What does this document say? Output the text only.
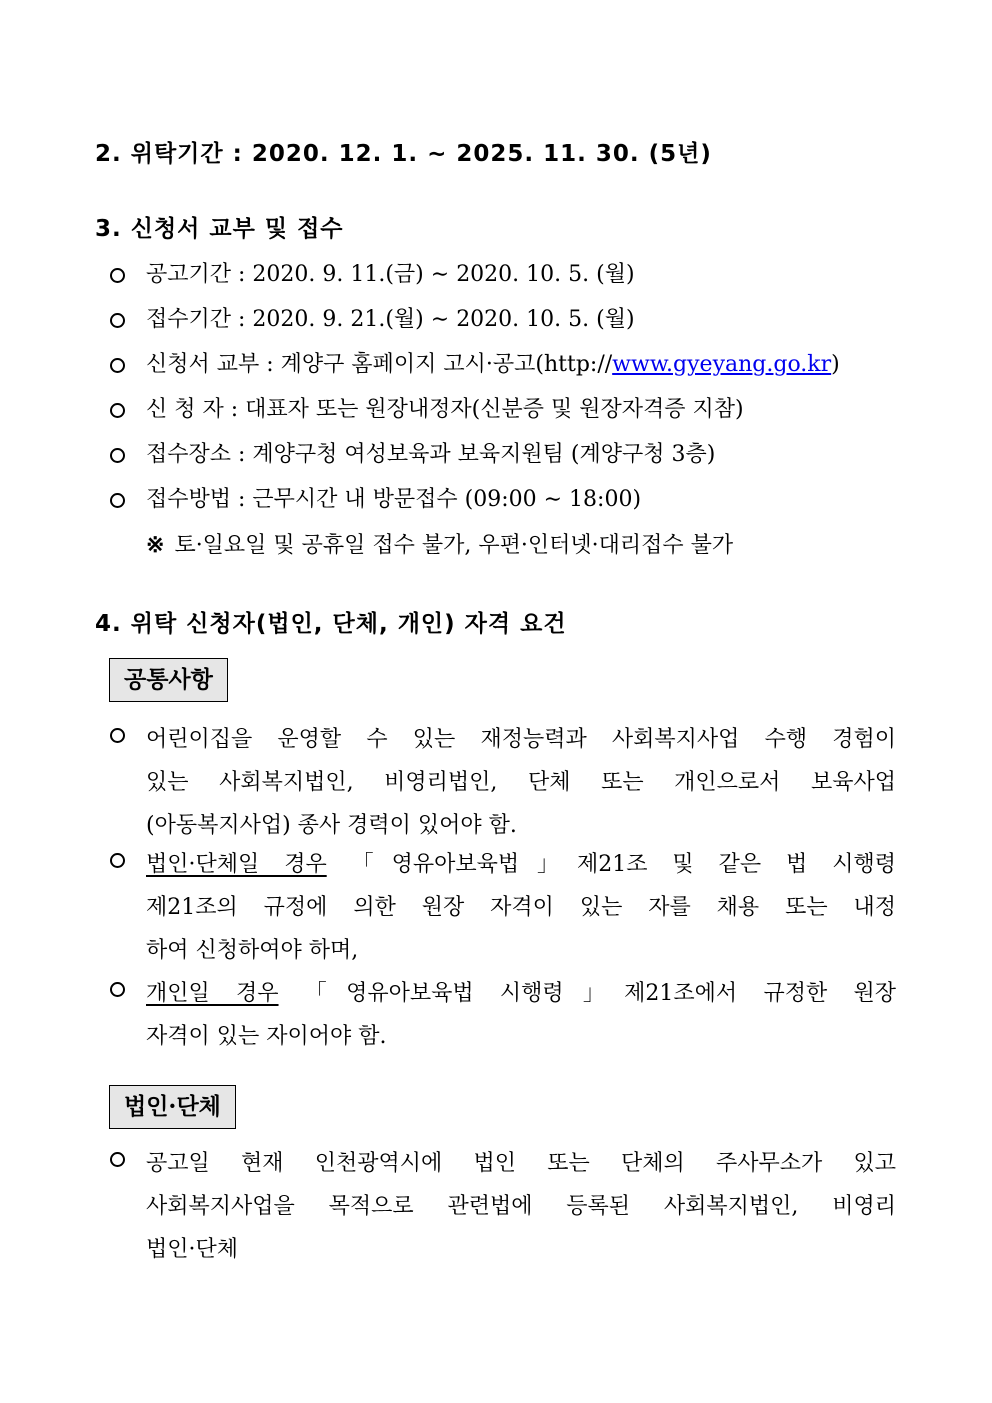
2. 위탁기간 : 2020. 12. 1. ~ 2025. 11. 30. (5년)
3. 신청서 교부 및 접수
공고기간 : 2020. 9. 11.(금) ∼ 2020. 10. 5. (월)
접수기간 : 2020. 9. 21.(월) ∼ 2020. 10. 5. (월)
신청서 교부 : 계양구 홈페이지 고시·공고(http://www.gyeyang.go.kr)
신 청 자 : 대표자 또는 원장내정자(신분증 및 원장자격증 지참)
접수장소 : 계양구청 여성보육과 보육지원팀 (계양구청 3층)
접수방법 : 근무시간 내 방문접수 (09:00 ∼ 18:00)
※ 토·일요일 및 공휴일 접수 불가, 우편·인터넷·대리접수 불가
4. 위탁 신청자(법인, 단체, 개인) 자격 요건
공통사항
어린이집을 운영할 수 있는 재정능력과 사회복지사업 수행 경험이
있는 사회복지법인, 비영리법인, 단체 또는 개인으로서 보육사업
(아동복지사업) 종사 경력이 있어야 함.
법인·단체일 경우 「영유아보육법」제21조 및 같은 법 시행령
제21조의 규정에 의한 원장 자격이 있는 자를 채용 또는 내정
하여 신청하여야 하며,
개인일 경우 「영유아보육법 시행령」제21조에서 규정한 원장
자격이 있는 자이어야 함.
법인·단체
공고일 현재 인천광역시에 법인 또는 단체의 주사무소가 있고
사회복지사업을 목적으로 관련법에 등록된 사회복지법인, 비영리
법인·단체
